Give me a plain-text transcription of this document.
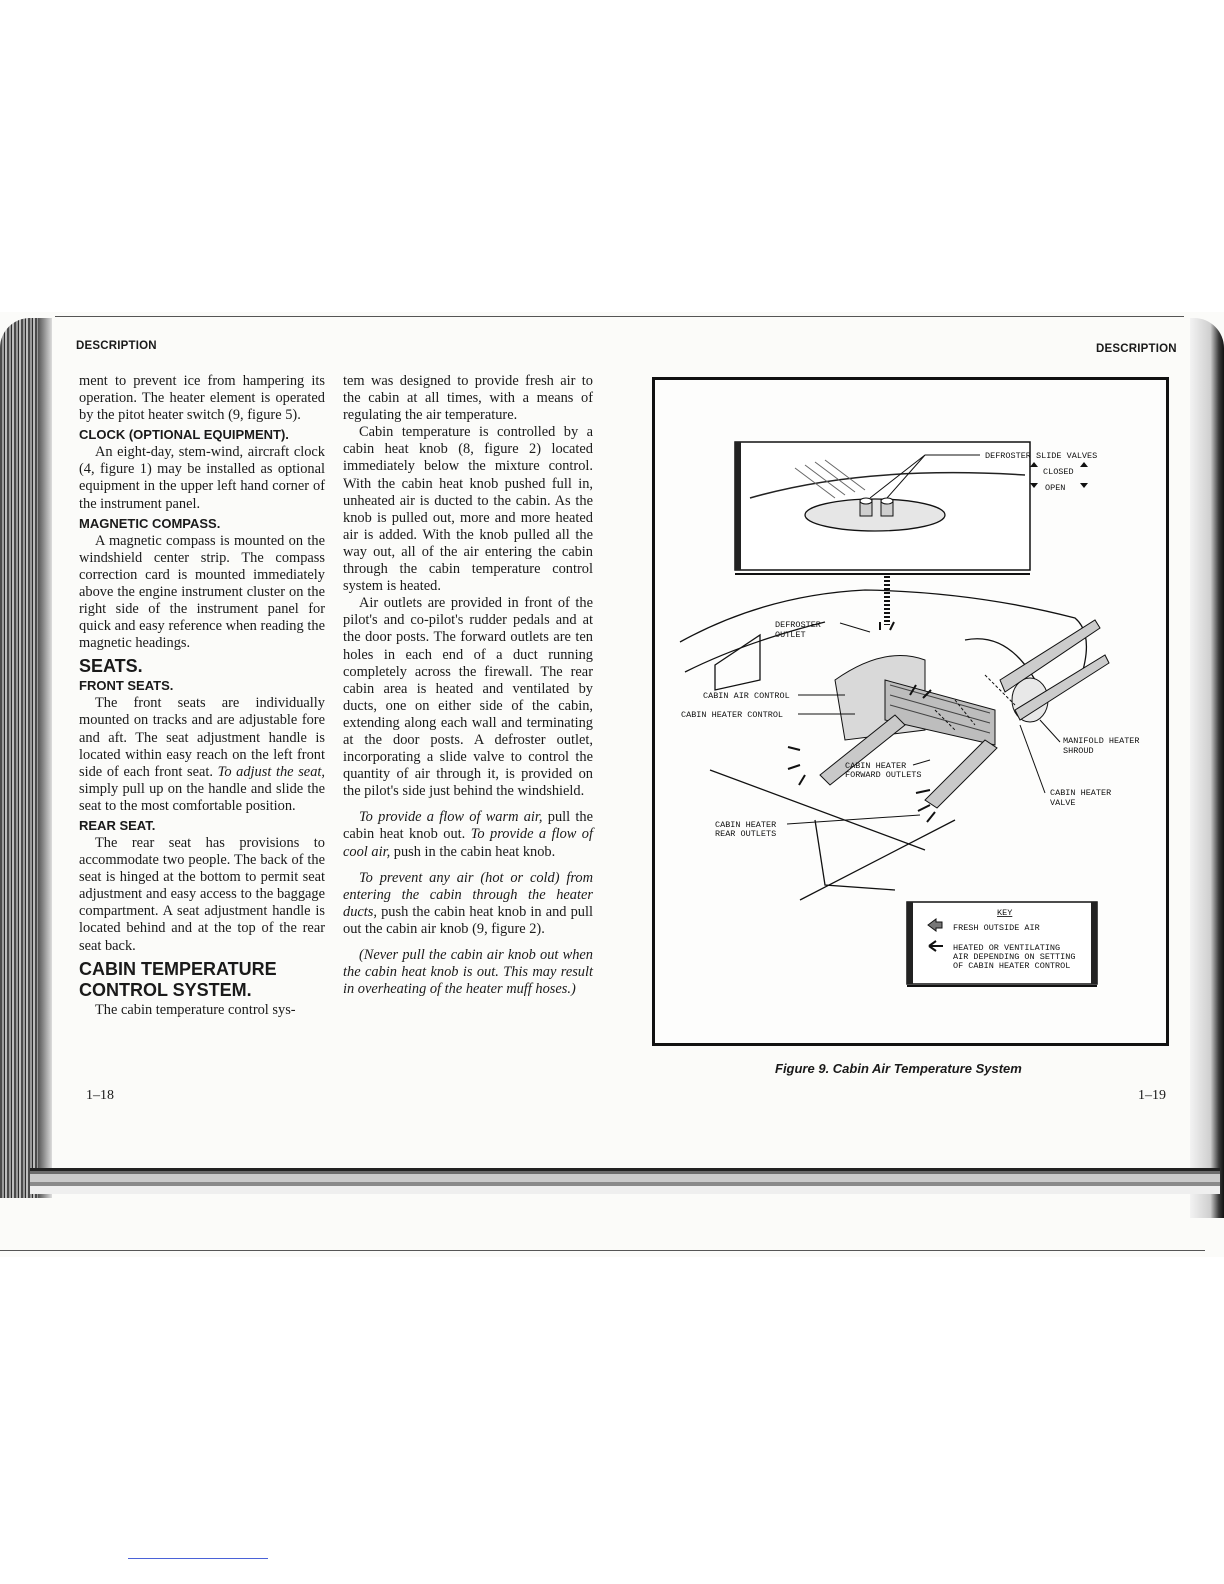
DESCRIPTION

ment to prevent ice from hampering its operation. The heater element is operated by the pitot heater switch (9, figure 5).

CLOCK (OPTIONAL EQUIPMENT).

An eight-day, stem-wind, aircraft clock (4, figure 1) may be installed as optional equipment in the upper left hand corner of the instrument panel.

MAGNETIC COMPASS.

A magnetic compass is mounted on the windshield center strip. The compass correction card is mounted immediately above the engine instrument cluster on the right side of the instrument panel for quick and easy reference when reading the magnetic headings.

SEATS.
FRONT SEATS.

The front seats are individually mounted on tracks and are adjustable fore and aft. The seat adjustment handle is located within easy reach on the left front side of each front seat. To adjust the seat, simply pull up on the handle and slide the seat to the most comfortable position.

REAR SEAT.

The rear seat has provisions to accommodate two people. The back of the seat is hinged at the bottom to permit seat adjustment and easy access to the baggage compartment. A seat adjustment handle is located behind and at the top of the rear seat back.

CABIN TEMPERATURE CONTROL SYSTEM.

The cabin temperature control sys-

tem was designed to provide fresh air to the cabin at all times, with a means of regulating the air temperature.

Cabin temperature is controlled by a cabin heat knob (8, figure 2) located immediately below the mixture control. With the cabin heat knob pushed full in, unheated air is ducted to the cabin. As the knob is pulled out, more and more heated air is added. With the knob pulled all the way out, all of the air entering the cabin through the cabin temperature control system is heated.

Air outlets are provided in front of the pilot's and co-pilot's rudder pedals and at the door posts. The forward outlets are ten holes in each end of a duct running completely across the firewall. The rear cabin area is heated and ventilated by ducts, one on either side of the cabin, extending along each wall and terminating at the door posts. A defroster outlet, incorporating a slide valve to control the quantity of air through it, is provided on the pilot's side just behind the windshield.

To provide a flow of warm air, pull the cabin heat knob out. To provide a flow of cool air, push in the cabin heat knob.

To prevent any air (hot or cold) from entering the cabin through the heater ducts, push the cabin heat knob in and pull out the cabin air knob (9, figure 2).

(Never pull the cabin air knob out when the cabin heat knob is out. This may result in overheating of the heater muff hoses.)

1–18
DESCRIPTION
DEFROSTER SLIDE VALVES
CLOSED
OPEN
DEFROSTER
OUTLET
CABIN AIR CONTROL
CABIN HEATER CONTROL
MANIFOLD HEATER
SHROUD
CABIN HEATER
FORWARD OUTLETS
CABIN HEATER
VALVE
CABIN HEATER
REAR OUTLETS
KEY
FRESH OUTSIDE AIR
HEATED OR VENTILATING
AIR DEPENDING ON SETTING
OF CABIN HEATER CONTROL
Figure 9. Cabin Air Temperature System
1–19
